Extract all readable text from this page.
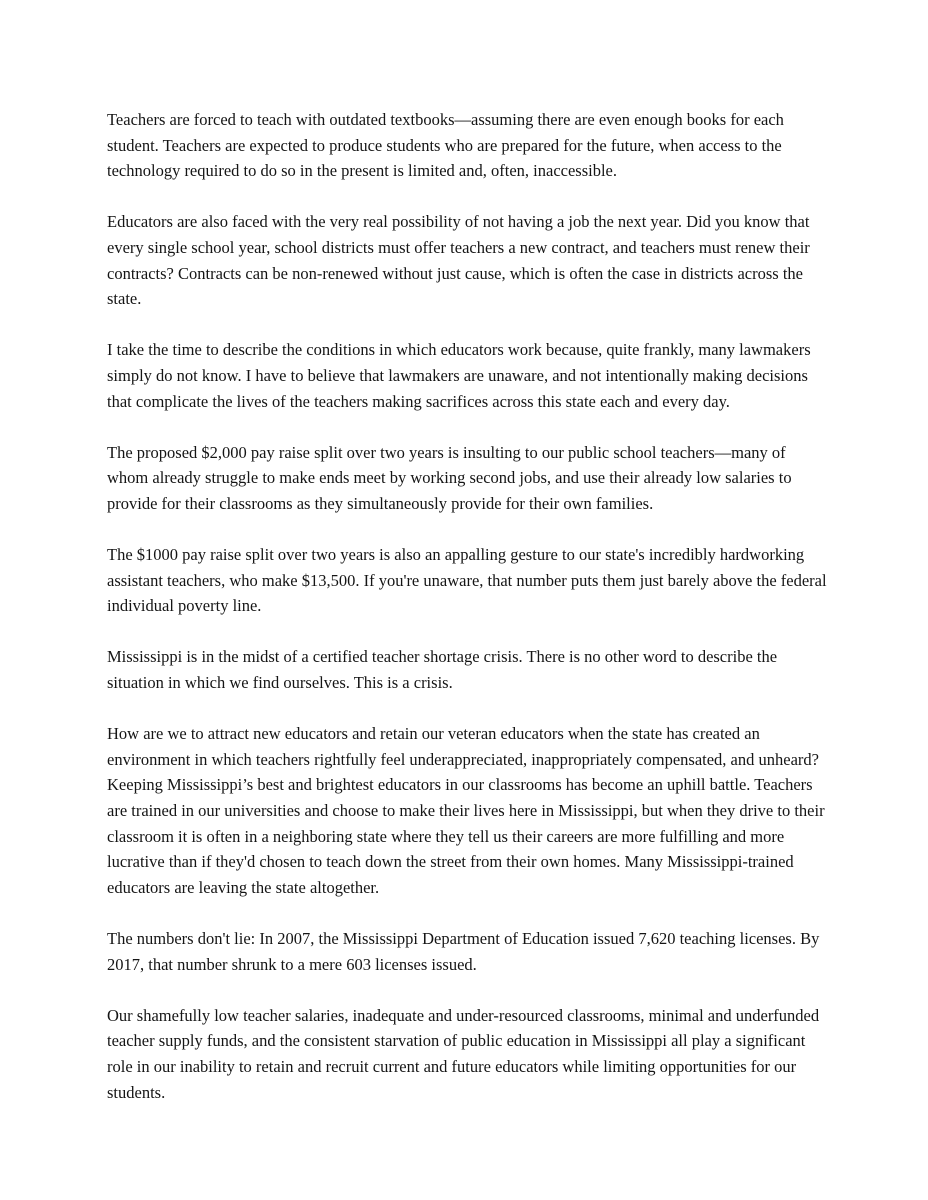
Teachers are forced to teach with outdated textbooks—assuming there are even enough books for each student. Teachers are expected to produce students who are prepared for the future, when access to the technology required to do so in the present is limited and, often, inaccessible.

Educators are also faced with the very real possibility of not having a job the next year. Did you know that every single school year, school districts must offer teachers a new contract, and teachers must renew their contracts? Contracts can be non-renewed without just cause, which is often the case in districts across the state.

I take the time to describe the conditions in which educators work because, quite frankly, many lawmakers simply do not know. I have to believe that lawmakers are unaware, and not intentionally making decisions that complicate the lives of the teachers making sacrifices across this state each and every day.

The proposed $2,000 pay raise split over two years is insulting to our public school teachers—many of whom already struggle to make ends meet by working second jobs, and use their already low salaries to provide for their classrooms as they simultaneously provide for their own families.

The $1000 pay raise split over two years is also an appalling gesture to our state's incredibly hardworking assistant teachers, who make $13,500. If you're unaware, that number puts them just barely above the federal individual poverty line.

Mississippi is in the midst of a certified teacher shortage crisis. There is no other word to describe the situation in which we find ourselves. This is a crisis.

How are we to attract new educators and retain our veteran educators when the state has created an environment in which teachers rightfully feel underappreciated, inappropriately compensated, and unheard? Keeping Mississippi’s best and brightest educators in our classrooms has become an uphill battle. Teachers are trained in our universities and choose to make their lives here in Mississippi, but when they drive to their classroom it is often in a neighboring state where they tell us their careers are more fulfilling and more lucrative than if they'd chosen to teach down the street from their own homes. Many Mississippi-trained educators are leaving the state altogether.

The numbers don't lie: In 2007, the Mississippi Department of Education issued 7,620 teaching licenses. By 2017, that number shrunk to a mere 603 licenses issued.

Our shamefully low teacher salaries, inadequate and under-resourced classrooms, minimal and underfunded teacher supply funds, and the consistent starvation of public education in Mississippi all play a significant role in our inability to retain and recruit current and future educators while limiting opportunities for our students.
